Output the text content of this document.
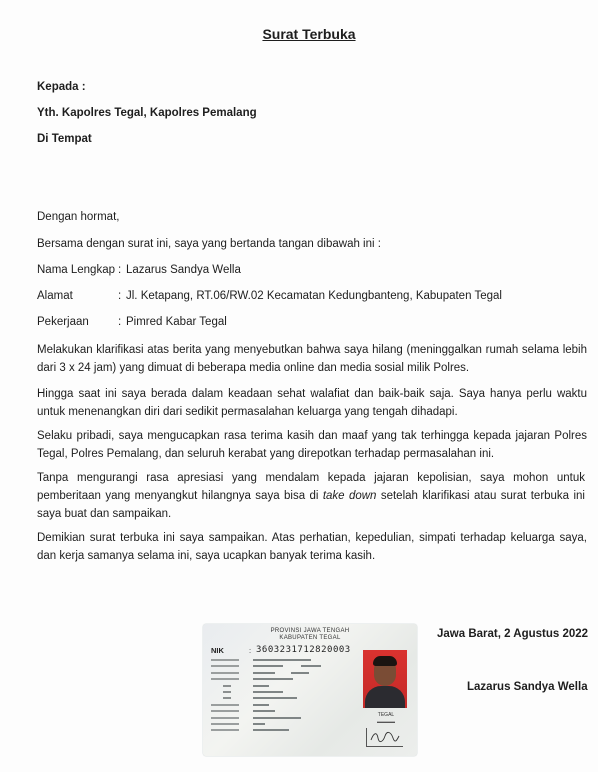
Surat Terbuka
Kepada :
Yth. Kapolres Tegal, Kapolres Pemalang
Di Tempat
Dengan hormat,
Bersama dengan surat ini, saya yang bertanda tangan dibawah ini :
Nama Lengkap : Lazarus Sandya Wella
Alamat	: Jl. Ketapang, RT.06/RW.02 Kecamatan Kedungbanteng, Kabupaten Tegal
Pekerjaan	: Pimred Kabar Tegal
Melakukan klarifikasi atas berita yang menyebutkan bahwa saya hilang (meninggalkan rumah selama lebih dari 3 x 24 jam) yang dimuat di beberapa media online dan media sosial milik Polres.
Hingga saat ini saya berada dalam keadaan sehat walafiat dan baik-baik saja. Saya hanya perlu waktu untuk menenangkan diri dari sedikit permasalahan keluarga yang tengah dihadapi.
Selaku pribadi, saya mengucapkan rasa terima kasih dan maaf yang tak terhingga kepada jajaran Polres Tegal, Polres Pemalang, dan seluruh kerabat yang direpotkan terhadap permasalahan ini.
Tanpa mengurangi rasa apresiasi yang mendalam kepada jajaran kepolisian, saya mohon untuk pemberitaan yang menyangkut hilangnya saya bisa di take down setelah klarifikasi atau surat terbuka ini saya buat dan sampaikan.
Demikian surat terbuka ini saya sampaikan. Atas perhatian, kepedulian, simpati terhadap keluarga saya, dan kerja samanya selama ini, saya ucapkan banyak terima kasih.
PROVINSI JAWA TENGAH
KABUPATEN TEGAL
NIK	: 3603231712820003
TEGAL
▬▬▬▬
Jawa Barat, 2 Agustus 2022
Lazarus Sandya Wella
